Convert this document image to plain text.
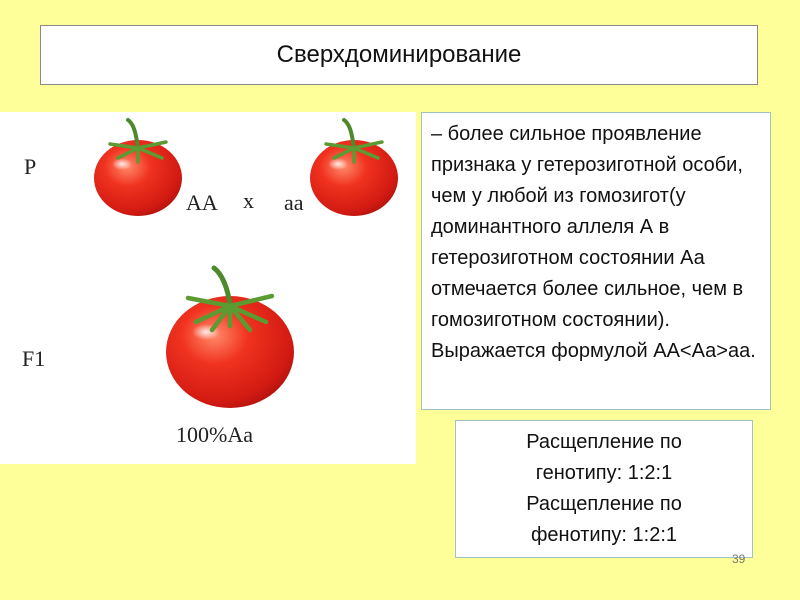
Сверхдоминирование
P
AA x aa
F1
100%Aa
– более сильное проявление признака у гетерозиготной особи, чем у любой из гомозигот(у доминантного аллеля А в гетерозиготном состоянии Аа отмечается более сильное, чем в гомозиготном состоянии). Выражается формулой АА<Аа>аа.
Расщепление по
генотипу: 1:2:1
Расщепление по
фенотипу: 1:2:1
39
